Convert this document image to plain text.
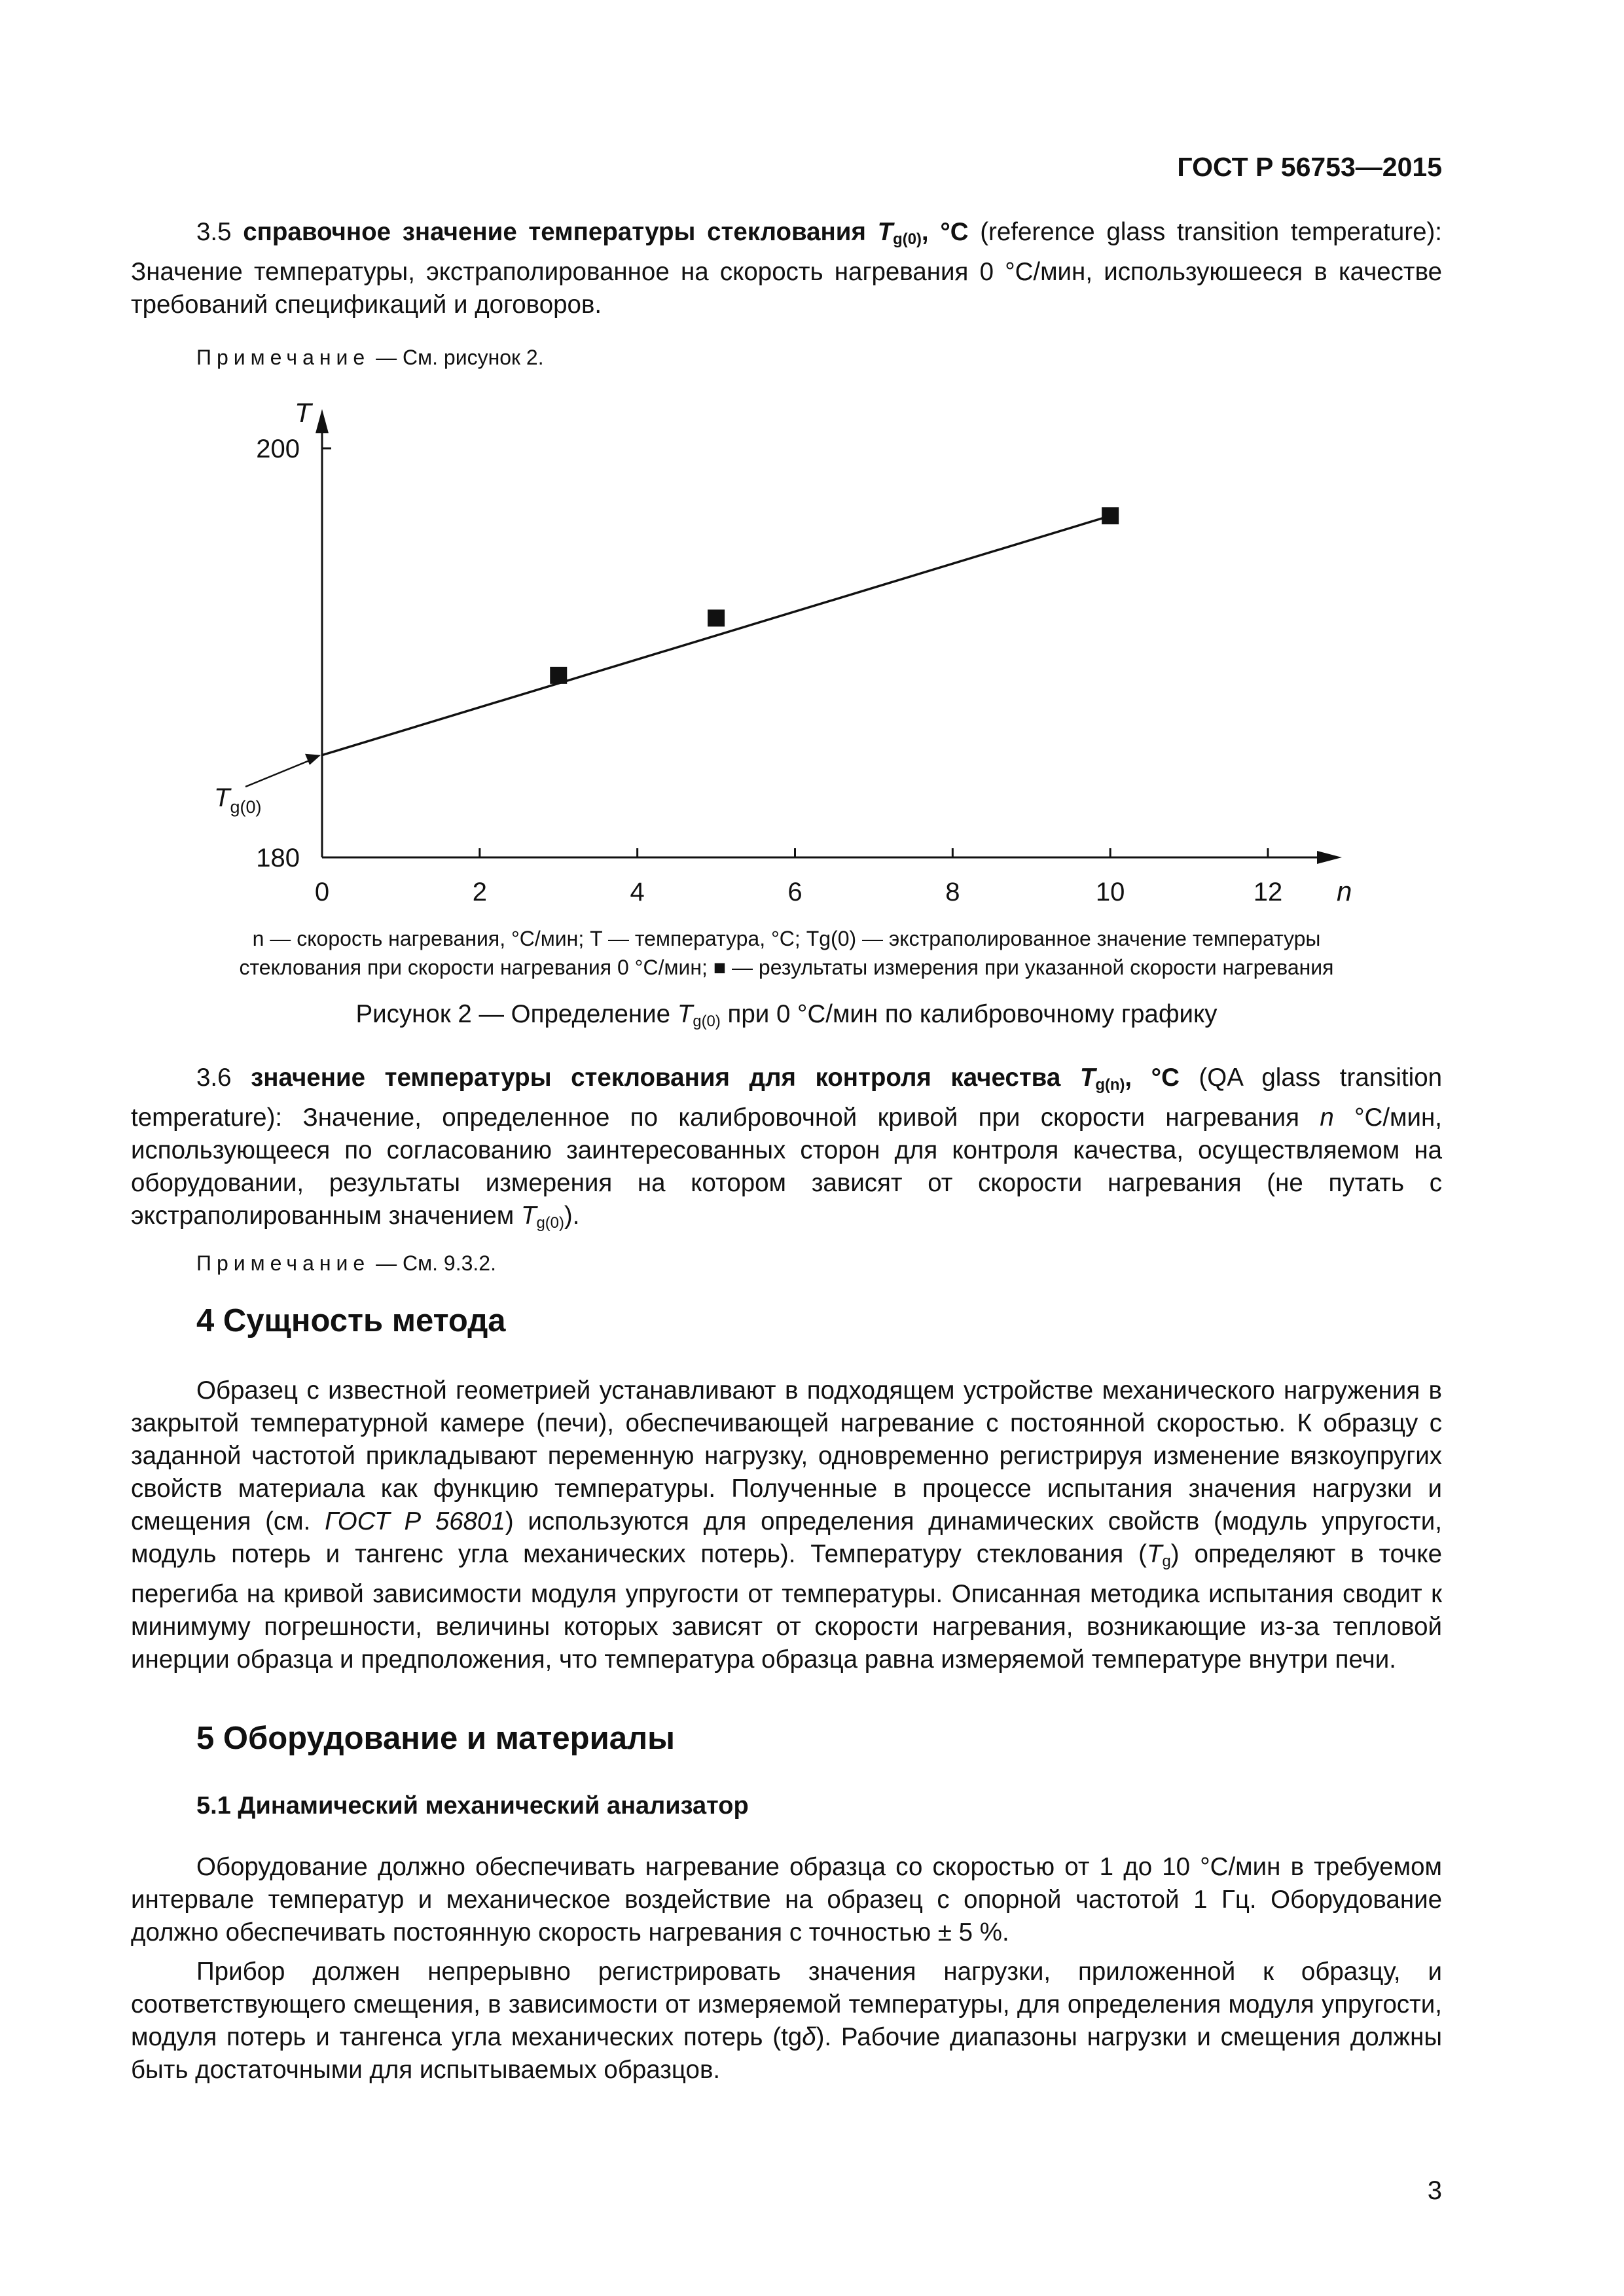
ГОСТ Р 56753—2015
3.5 справочное значение температуры стеклования $T_{g(0)}$, °C (reference glass transition temperature): Значение температуры, экстраполированное на скорость нагревания 0 °С/мин, используюшееся в качестве требований спецификаций и договоров.
Примечание — См. рисунок 2.
0	2	4	6	8	10	12
180
200
n
T
$T_{g(0)}$
n — скорость нагревания, °С/мин; T — температура, °С; Tg(0) — экстраполированное значение температуры
стеклования при скорости нагревания 0 °С/мин; ■ — результаты измерения при указанной скорости нагревания
Рисунок 2 — Определение $T_{g(0)}$ при 0 °С/мин по калибровочному графику
3.6 значение температуры стеклования для контроля качества $T_{g(n)}$, °C (QA glass transition temperature): Значение, определенное по калибровочной кривой при скорости нагревания n °С/мин, использующееся по согласованию заинтересованных сторон для контроля качества, осуществляемом на оборудовании, результаты измерения на котором зависят от скорости нагревания (не путать с экстраполированным значением $T_{g(0)}$).
Примечание — См. 9.3.2.
4 Сущность метода
Образец с известной геометрией устанавливают в подходящем устройстве механического нагружения в закрытой температурной камере (печи), обеспечивающей нагревание с постоянной скоростью. К образцу с заданной частотой прикладывают переменную нагрузку, одновременно регистрируя изменение вязкоупругих свойств материала как функцию температуры. Полученные в процессе испытания значения нагрузки и смещения (см. ГОСТ Р 56801) используются для определения динамических свойств (модуль упругости, модуль потерь и тангенс угла механических потерь). Температуру стеклования $(T_g)$ определяют в точке перегиба на кривой зависимости модуля упругости от температуры. Описанная методика испытания сводит к минимуму погрешности, величины которых зависят от скорости нагревания, возникающие из-за тепловой инерции образца и предположения, что температура образца равна измеряемой температуре внутри печи.
5 Оборудование и материалы
5.1 Динамический механический анализатор
Оборудование должно обеспечивать нагревание образца со скоростью от 1 до 10 °С/мин в требуемом интервале температур и механическое воздействие на образец с опорной частотой 1 Гц. Оборудование должно обеспечивать постоянную скорость нагревания с точностью ± 5 %.
Прибор должен непрерывно регистрировать значения нагрузки, приложенной к образцу, и соответствующего смещения, в зависимости от измеряемой температуры, для определения модуля упругости, модуля потерь и тангенса угла механических потерь (tgδ). Рабочие диапазоны нагрузки и смещения должны быть достаточными для испытываемых образцов.
3
